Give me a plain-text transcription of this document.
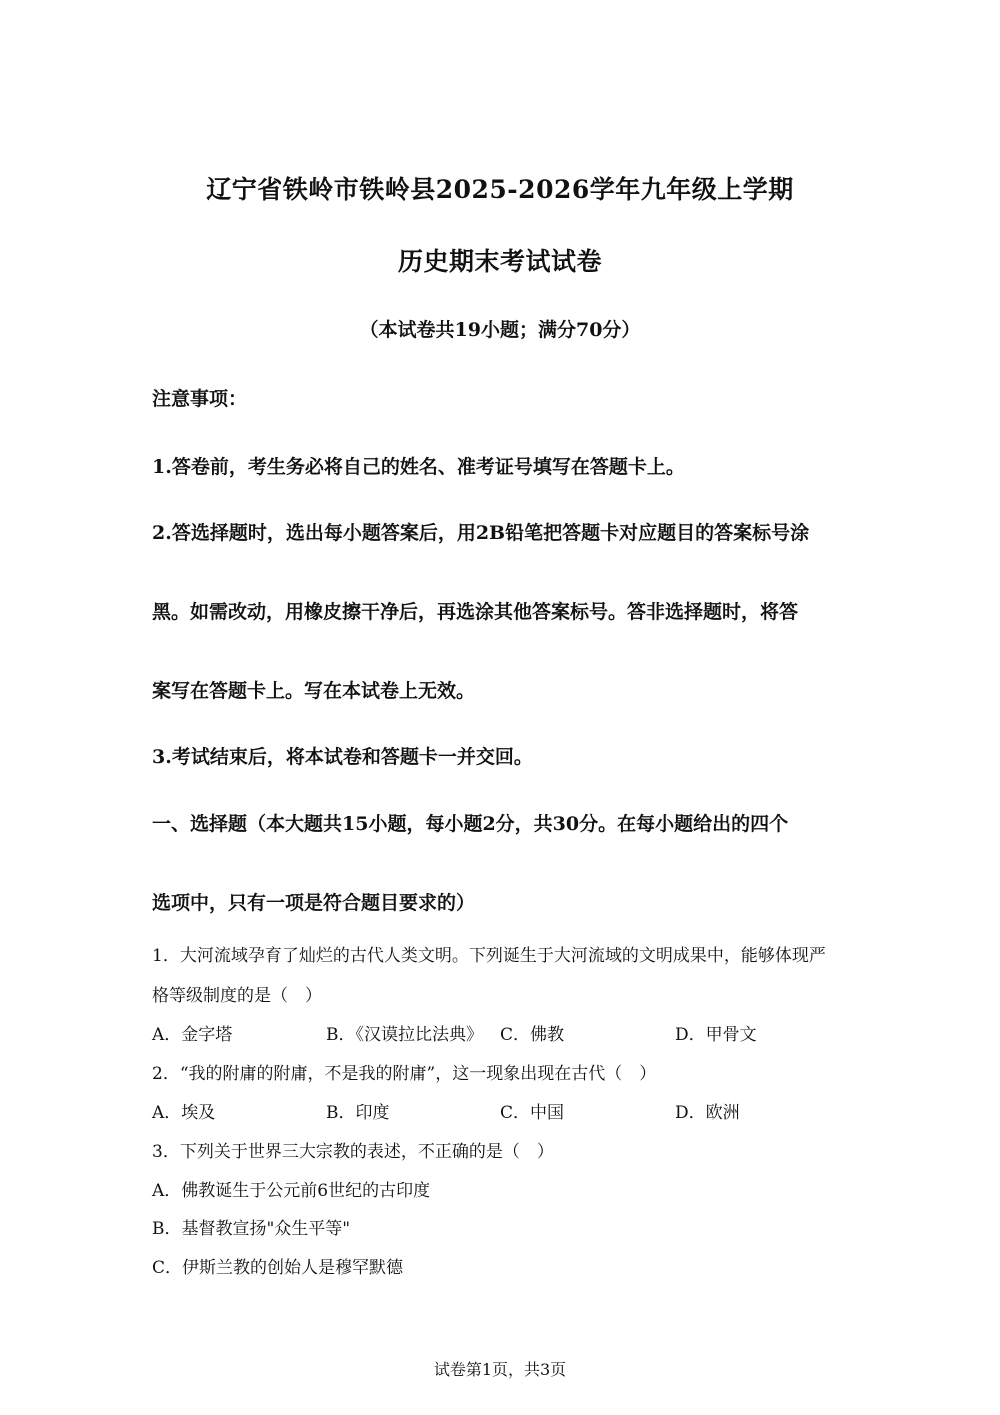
辽宁省铁岭市铁岭县2025-2026学年九年级上学期
历史期末考试试卷
（本试卷共19小题；满分70分）
注意事项：
1.答卷前，考生务必将自己的姓名、准考证号填写在答题卡上。
2.答选择题时，选出每小题答案后，用2B铅笔把答题卡对应题目的答案标号涂
黑。如需改动，用橡皮擦干净后，再选涂其他答案标号。答非选择题时，将答
案写在答题卡上。写在本试卷上无效。
3.考试结束后，将本试卷和答题卡一并交回。
一、选择题（本大题共15小题，每小题2分，共30分。在每小题给出的四个
选项中，只有一项是符合题目要求的）
1．大河流域孕育了灿烂的古代人类文明。下列诞生于大河流域的文明成果中，能够体现严
格等级制度的是（　）
A．金字塔	B．《汉谟拉比法典》 C．佛教	D．甲骨文
2．“我的附庸的附庸，不是我的附庸”，这一现象出现在古代（　）
A．埃及	B．印度	C．中国	D．欧洲
3．下列关于世界三大宗教的表述，不正确的是（　）
A．佛教诞生于公元前6世纪的古印度
B．基督教宣扬"众生平等"
C．伊斯兰教的创始人是穆罕默德
试卷第1页，共3页
